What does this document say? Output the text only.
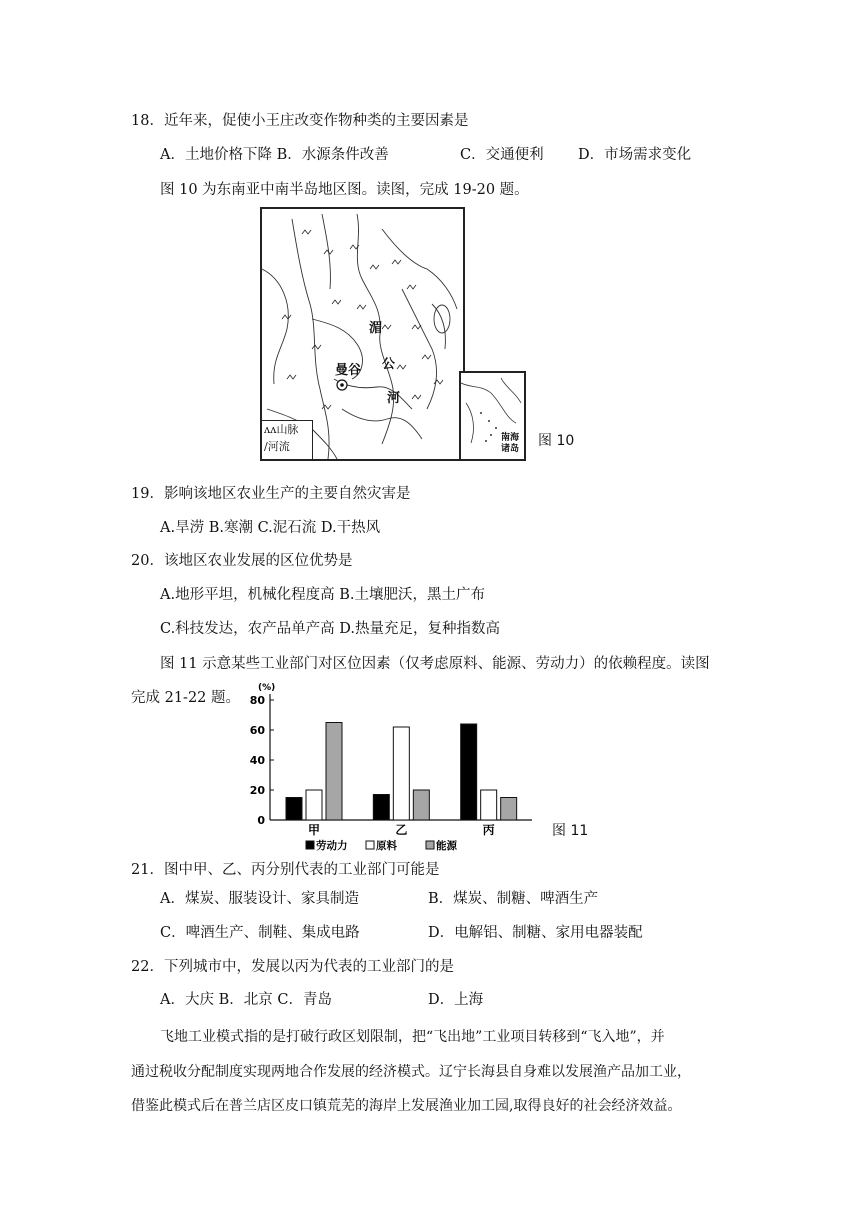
18．近年来，促使小王庄改变作物种类的主要因素是
A．土地价格下降 B．水源条件改善	C．交通便利 D．市场需求变化
图 10 为东南亚中南半岛地区图。读图，完成 19-20 题。
曼谷
湄
公
河
ʌʌ山脉
∕河流
南海诸岛 图 10
19．影响该地区农业生产的主要自然灾害是
A.旱涝 B.寒潮 C.泥石流 D.干热风
20．该地区农业发展的区位优势是
A.地形平坦，机械化程度高 B.土壤肥沃，黑土广布
C.科技发达，农产品单产高 D.热量充足，复种指数高
图 11 示意某些工业部门对区位因素（仅考虑原料、能源、劳动力）的依赖程度。读图
完成 21-22 题。
(%)
0
20
40
60
80
甲	乙	丙
劳动力	原料	能源
图 11
21．图中甲、乙、丙分别代表的工业部门可能是
A．煤炭、服装设计、家具制造	B．煤炭、制糖、啤酒生产
C．啤酒生产、制鞋、集成电路	D．电解铝、制糖、家用电器装配
22．下列城市中，发展以丙为代表的工业部门的是
A．大庆 B．北京 C．青岛	D．上海
飞地工业模式指的是打破行政区划限制，把“飞出地”工业项目转移到“飞入地”，并
通过税收分配制度实现两地合作发展的经济模式。辽宁长海县自身难以发展渔产品加工业，
借鉴此模式后在普兰店区皮口镇荒芜的海岸上发展渔业加工园,取得良好的社会经济效益。
